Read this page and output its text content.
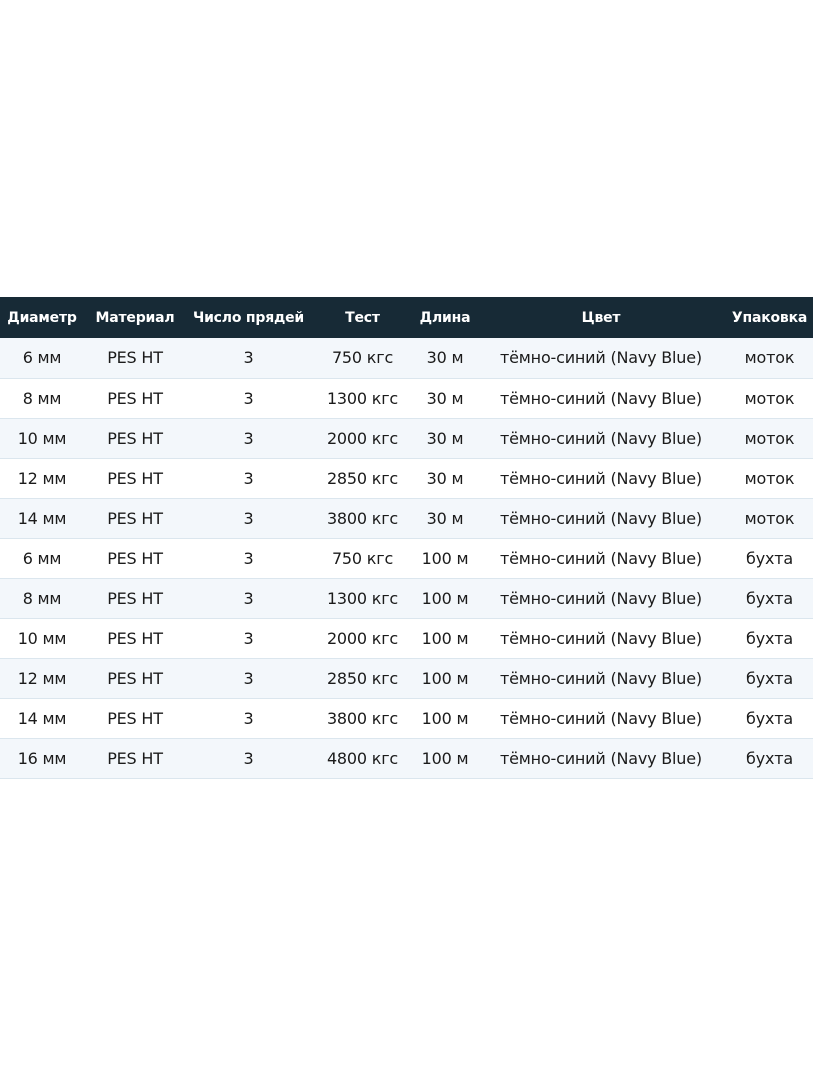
Диаметр	Материал	Число прядей	Тест	Длина	Цвет	Упаковка
6 мм	PES HT	3	750 кгс	30 м	тёмно-синий (Navy Blue)	моток
8 мм	PES HT	3	1300 кгс	30 м	тёмно-синий (Navy Blue)	моток
10 мм	PES HT	3	2000 кгс	30 м	тёмно-синий (Navy Blue)	моток
12 мм	PES HT	3	2850 кгс	30 м	тёмно-синий (Navy Blue)	моток
14 мм	PES HT	3	3800 кгс	30 м	тёмно-синий (Navy Blue)	моток
6 мм	PES HT	3	750 кгс	100 м	тёмно-синий (Navy Blue)	бухта
8 мм	PES HT	3	1300 кгс	100 м	тёмно-синий (Navy Blue)	бухта
10 мм	PES HT	3	2000 кгс	100 м	тёмно-синий (Navy Blue)	бухта
12 мм	PES HT	3	2850 кгс	100 м	тёмно-синий (Navy Blue)	бухта
14 мм	PES HT	3	3800 кгс	100 м	тёмно-синий (Navy Blue)	бухта
16 мм	PES HT	3	4800 кгс	100 м	тёмно-синий (Navy Blue)	бухта
